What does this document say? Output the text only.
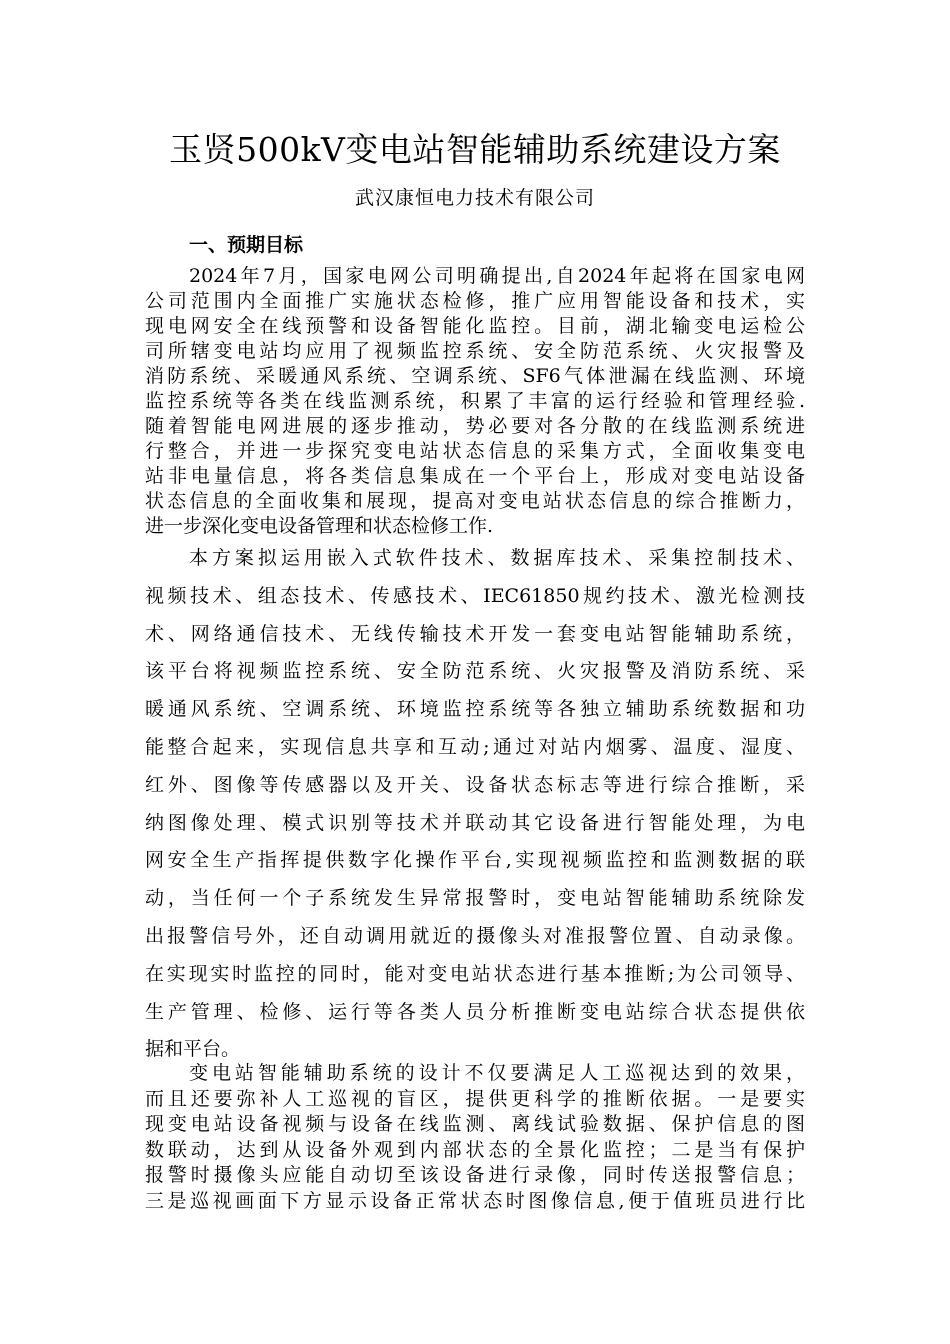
玉贤500kV变电站智能辅助系统建设方案
武汉康恒电力技术有限公司
一、预期目标
2024年7月，国家电网公司明确提出,自2024年起将在国家电网
公司范围内全面推广实施状态检修，推广应用智能设备和技术，实
现电网安全在线预警和设备智能化监控。目前，湖北输变电运检公
司所辖变电站均应用了视频监控系统、安全防范系统、火灾报警及
消防系统、采暖通风系统、空调系统、SF6气体泄漏在线监测、环境
监控系统等各类在线监测系统，积累了丰富的运行经验和管理经验.
随着智能电网进展的逐步推动，势必要对各分散的在线监测系统进
行整合，并进一步探究变电站状态信息的采集方式，全面收集变电
站非电量信息，将各类信息集成在一个平台上，形成对变电站设备
状态信息的全面收集和展现，提高对变电站状态信息的综合推断力，
进一步深化变电设备管理和状态检修工作.
本方案拟运用嵌入式软件技术、数据库技术、采集控制技术、
视频技术、组态技术、传感技术、IEC61850规约技术、激光检测技
术、网络通信技术、无线传输技术开发一套变电站智能辅助系统，
该平台将视频监控系统、安全防范系统、火灾报警及消防系统、采
暖通风系统、空调系统、环境监控系统等各独立辅助系统数据和功
能整合起来，实现信息共享和互动;通过对站内烟雾、温度、湿度、
红外、图像等传感器以及开关、设备状态标志等进行综合推断，采
纳图像处理、模式识别等技术并联动其它设备进行智能处理，为电
网安全生产指挥提供数字化操作平台,实现视频监控和监测数据的联
动，当任何一个子系统发生异常报警时，变电站智能辅助系统除发
出报警信号外，还自动调用就近的摄像头对准报警位置、自动录像。
在实现实时监控的同时，能对变电站状态进行基本推断;为公司领导、
生产管理、检修、运行等各类人员分析推断变电站综合状态提供依
据和平台。
变电站智能辅助系统的设计不仅要满足人工巡视达到的效果，
而且还要弥补人工巡视的盲区，提供更科学的推断依据。一是要实
现变电站设备视频与设备在线监测、离线试验数据、保护信息的图
数联动，达到从设备外观到内部状态的全景化监控；二是当有保护
报警时摄像头应能自动切至该设备进行录像，同时传送报警信息；
三是巡视画面下方显示设备正常状态时图像信息,便于值班员进行比
